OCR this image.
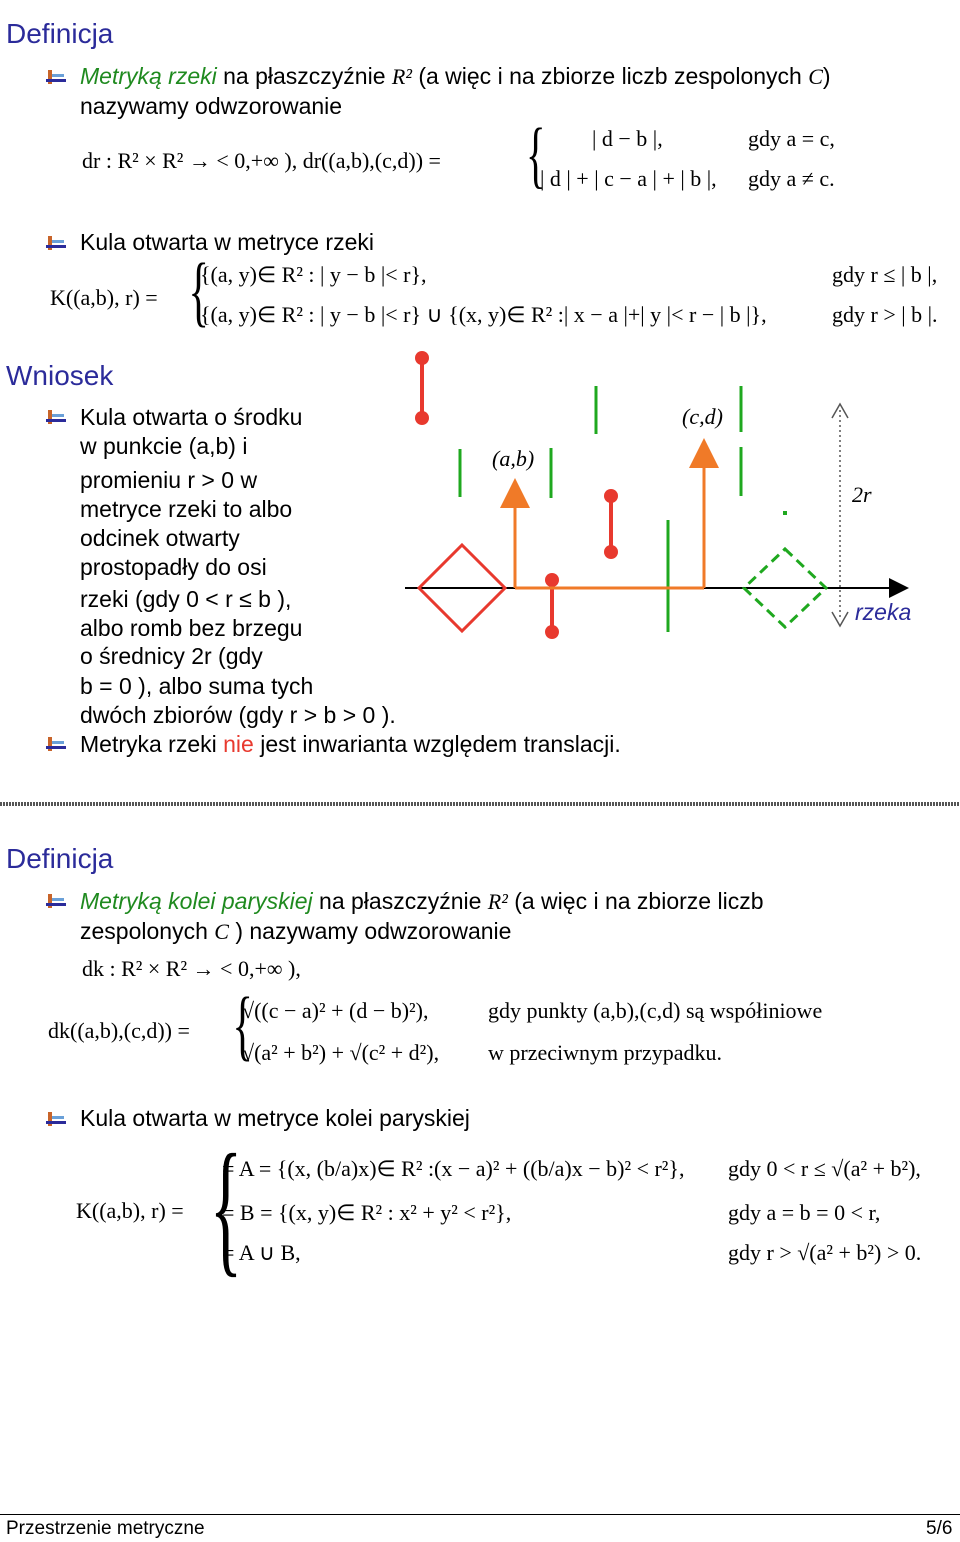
Definicja
Metryką rzeki na płaszczyźnie R² (a więc i na zbiorze liczb zespolonych C)
nazywamy odwzorowanie
dr : R² × R² → < 0,+∞ ), dr((a,b),(c,d)) = { | d − b |,	gdy a = c,
| d | + | c − a | + | b |, gdy a ≠ c.
Kula otwarta w metryce rzeki
K((a,b), r) = {
{(a, y)∈ R² : | y − b |< r},	gdy r ≤ | b |,
{(a, y)∈ R² : | y − b |< r} ∪ {(x, y)∈ R² :| x − a |+| y |< r − | b |},	gdy r > | b |.
Wniosek
Kula otwarta o środku
w punkcie (a,b) i
promieniu r > 0 w
metryce rzeki to albo
odcinek otwarty
prostopadły do osi
rzeki (gdy 0 < r ≤ b ),
albo romb bez brzegu
o średnicy 2r (gdy
b = 0 ), albo suma tych
dwóch zbiorów (gdy r > b > 0 ).
Metryka rzeki nie jest inwarianta względem translacji.
(a,b)
(c,d)
2r
rzeka
Definicja
Metryką kolei paryskiej na płaszczyźnie R² (a więc i na zbiorze liczb
zespolonych C ) nazywamy odwzorowanie
dk : R² × R² → < 0,+∞ ),
dk((a,b),(c,d)) = {
√((c − a)² + (d − b)²),	gdy punkty (a,b),(c,d) są współiniowe
√(a² + b²) + √(c² + d²), w przeciwnym przypadku.
Kula otwarta w metryce kolei paryskiej
K((a,b), r) = {
= A = {(x, (b/a)x)∈ R² :(x − a)² + ((b/a)x − b)² < r²}, gdy 0 < r ≤ √(a² + b²),
= B = {(x, y)∈ R² : x² + y² < r²},	gdy a = b = 0 < r,
= A ∪ B,	gdy r > √(a² + b²) > 0.
Przestrzenie metryczne	5/6
